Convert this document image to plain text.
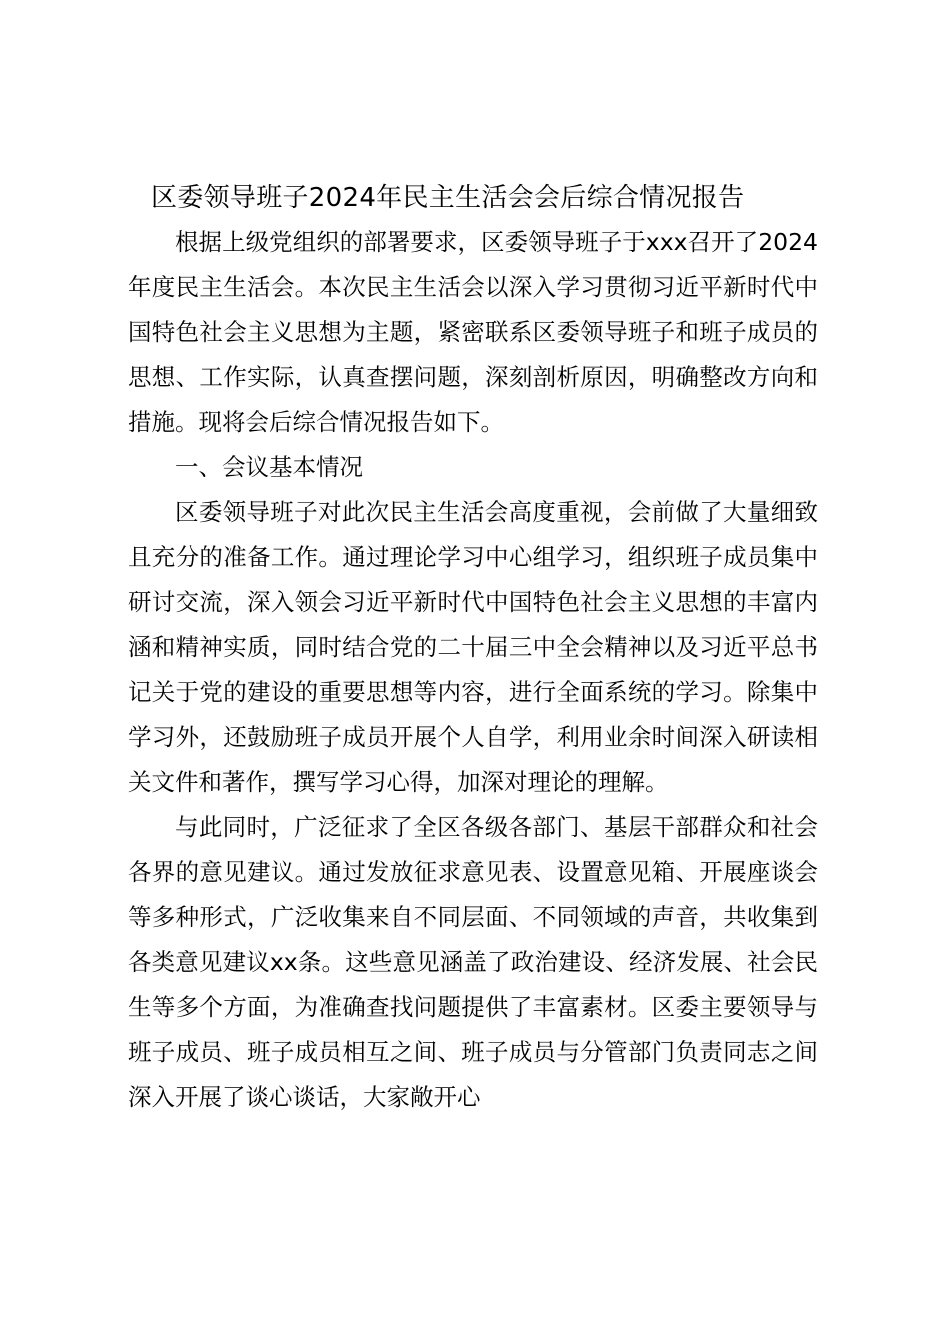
区委领导班子2024年民主生活会会后综合情况报告

根据上级党组织的部署要求，区委领导班子于xxx召开了2024年度民主生活会。本次民主生活会以深入学习贯彻习近平新时代中国特色社会主义思想为主题，紧密联系区委领导班子和班子成员的思想、工作实际，认真查摆问题，深刻剖析原因，明确整改方向和措施。现将会后综合情况报告如下。

一、会议基本情况

区委领导班子对此次民主生活会高度重视，会前做了大量细致且充分的准备工作。通过理论学习中心组学习，组织班子成员集中研讨交流，深入领会习近平新时代中国特色社会主义思想的丰富内涵和精神实质，同时结合党的二十届三中全会精神以及习近平总书记关于党的建设的重要思想等内容，进行全面系统的学习。除集中学习外，还鼓励班子成员开展个人自学，利用业余时间深入研读相关文件和著作，撰写学习心得，加深对理论的理解。

与此同时，广泛征求了全区各级各部门、基层干部群众和社会各界的意见建议。通过发放征求意见表、设置意见箱、开展座谈会等多种形式，广泛收集来自不同层面、不同领域的声音，共收集到各类意见建议xx条。这些意见涵盖了政治建设、经济发展、社会民生等多个方面，为准确查找问题提供了丰富素材。区委主要领导与班子成员、班子成员相互之间、班子成员与分管部门负责同志之间深入开展了谈心谈话，大家敞开心
